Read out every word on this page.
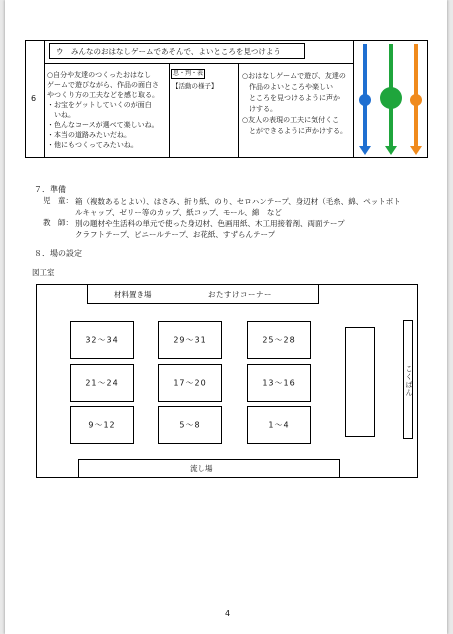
6
ウ　みんなのおはなしゲームであそんで、よいところを見つけよう
○自分や友達のつくったおはなし
ゲームで遊びながら、作品の面白さ
やつくり方の工夫などを感じ取る。
・お宝をゲットしていくのが面白
　いね。
・色んなコースが選べて楽しいね。
・本当の道路みたいだね。
・他にもつくってみたいね。
思・判・表
【活動の様子】
○おはなしゲームで遊び、友達の
　作品のよいところや楽しい
　ところを見つけるように声か
　けする。
○友人の表現の工夫に気付くこ
　とができるように声かけする。
７．準備
児　童： 箱（複数あるとよい）、はさみ、折り紙、のり、セロハンテープ、身辺材（毛糸、綿、ペットボト
ルキャップ、ゼリー等のカップ、紙コップ、モール、綿　など
教　師： 別の題材や生活科の単元で使った身辺材、色画用紙、木工用接着剤、両面テープ
クラフトテープ、ビニールテープ、お花紙、すずらんテープ
８．場の設定
図工室
材料置き場	おたすけコーナー
32～34	29～31	25～28
21～24	17～20	13～16
9～12	5～8	1～4
こくばん
流し場
4
